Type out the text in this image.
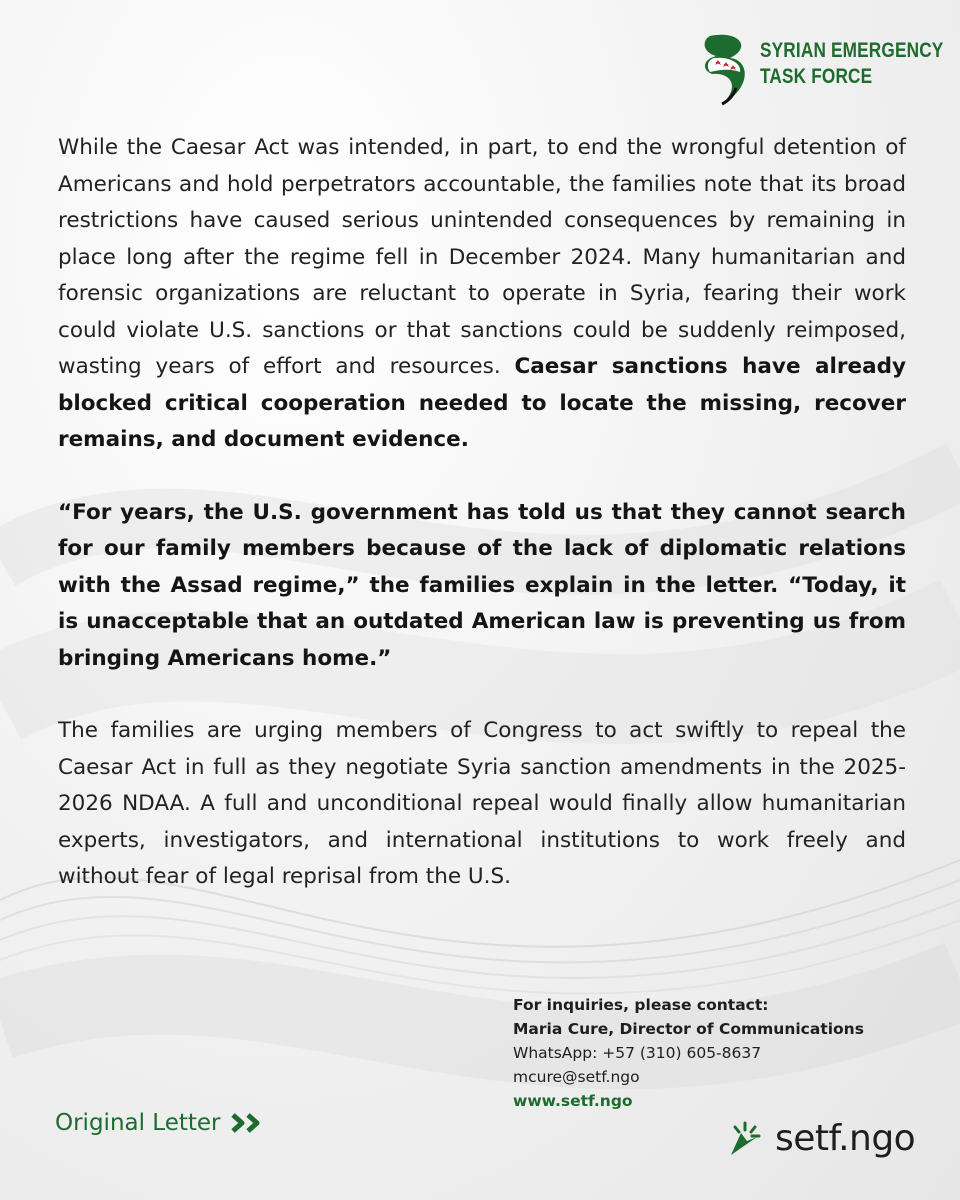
SYRIAN EMERGENCY
TASK FORCE

While the Caesar Act was intended, in part, to end the wrongful detention of Americans and hold perpetrators accountable, the families note that its broad restrictions have caused serious unintended consequences by remaining in place long after the regime fell in December 2024. Many humanitarian and forensic organizations are reluctant to operate in Syria, fearing their work could violate U.S. sanctions or that sanctions could be suddenly reimposed, wasting years of effort and resources. Caesar sanctions have already blocked critical cooperation needed to locate the missing, recover remains, and document evidence.

“For years, the U.S. government has told us that they cannot search for our family members because of the lack of diplomatic relations with the Assad regime,” the families explain in the letter. “Today, it is unacceptable that an outdated American law is preventing us from bringing Americans home.”

The families are urging members of Congress to act swiftly to repeal the Caesar Act in full as they negotiate Syria sanction amendments in the 2025-2026 NDAA. A full and unconditional repeal would finally allow humanitarian experts, investigators, and international institutions to work freely and without fear of legal reprisal from the U.S.

For inquiries, please contact:
Maria Cure, Director of Communications
WhatsApp: +57 (310) 605-8637
mcure@setf.ngo
www.setf.ngo
Original Letter	setf.ngo
